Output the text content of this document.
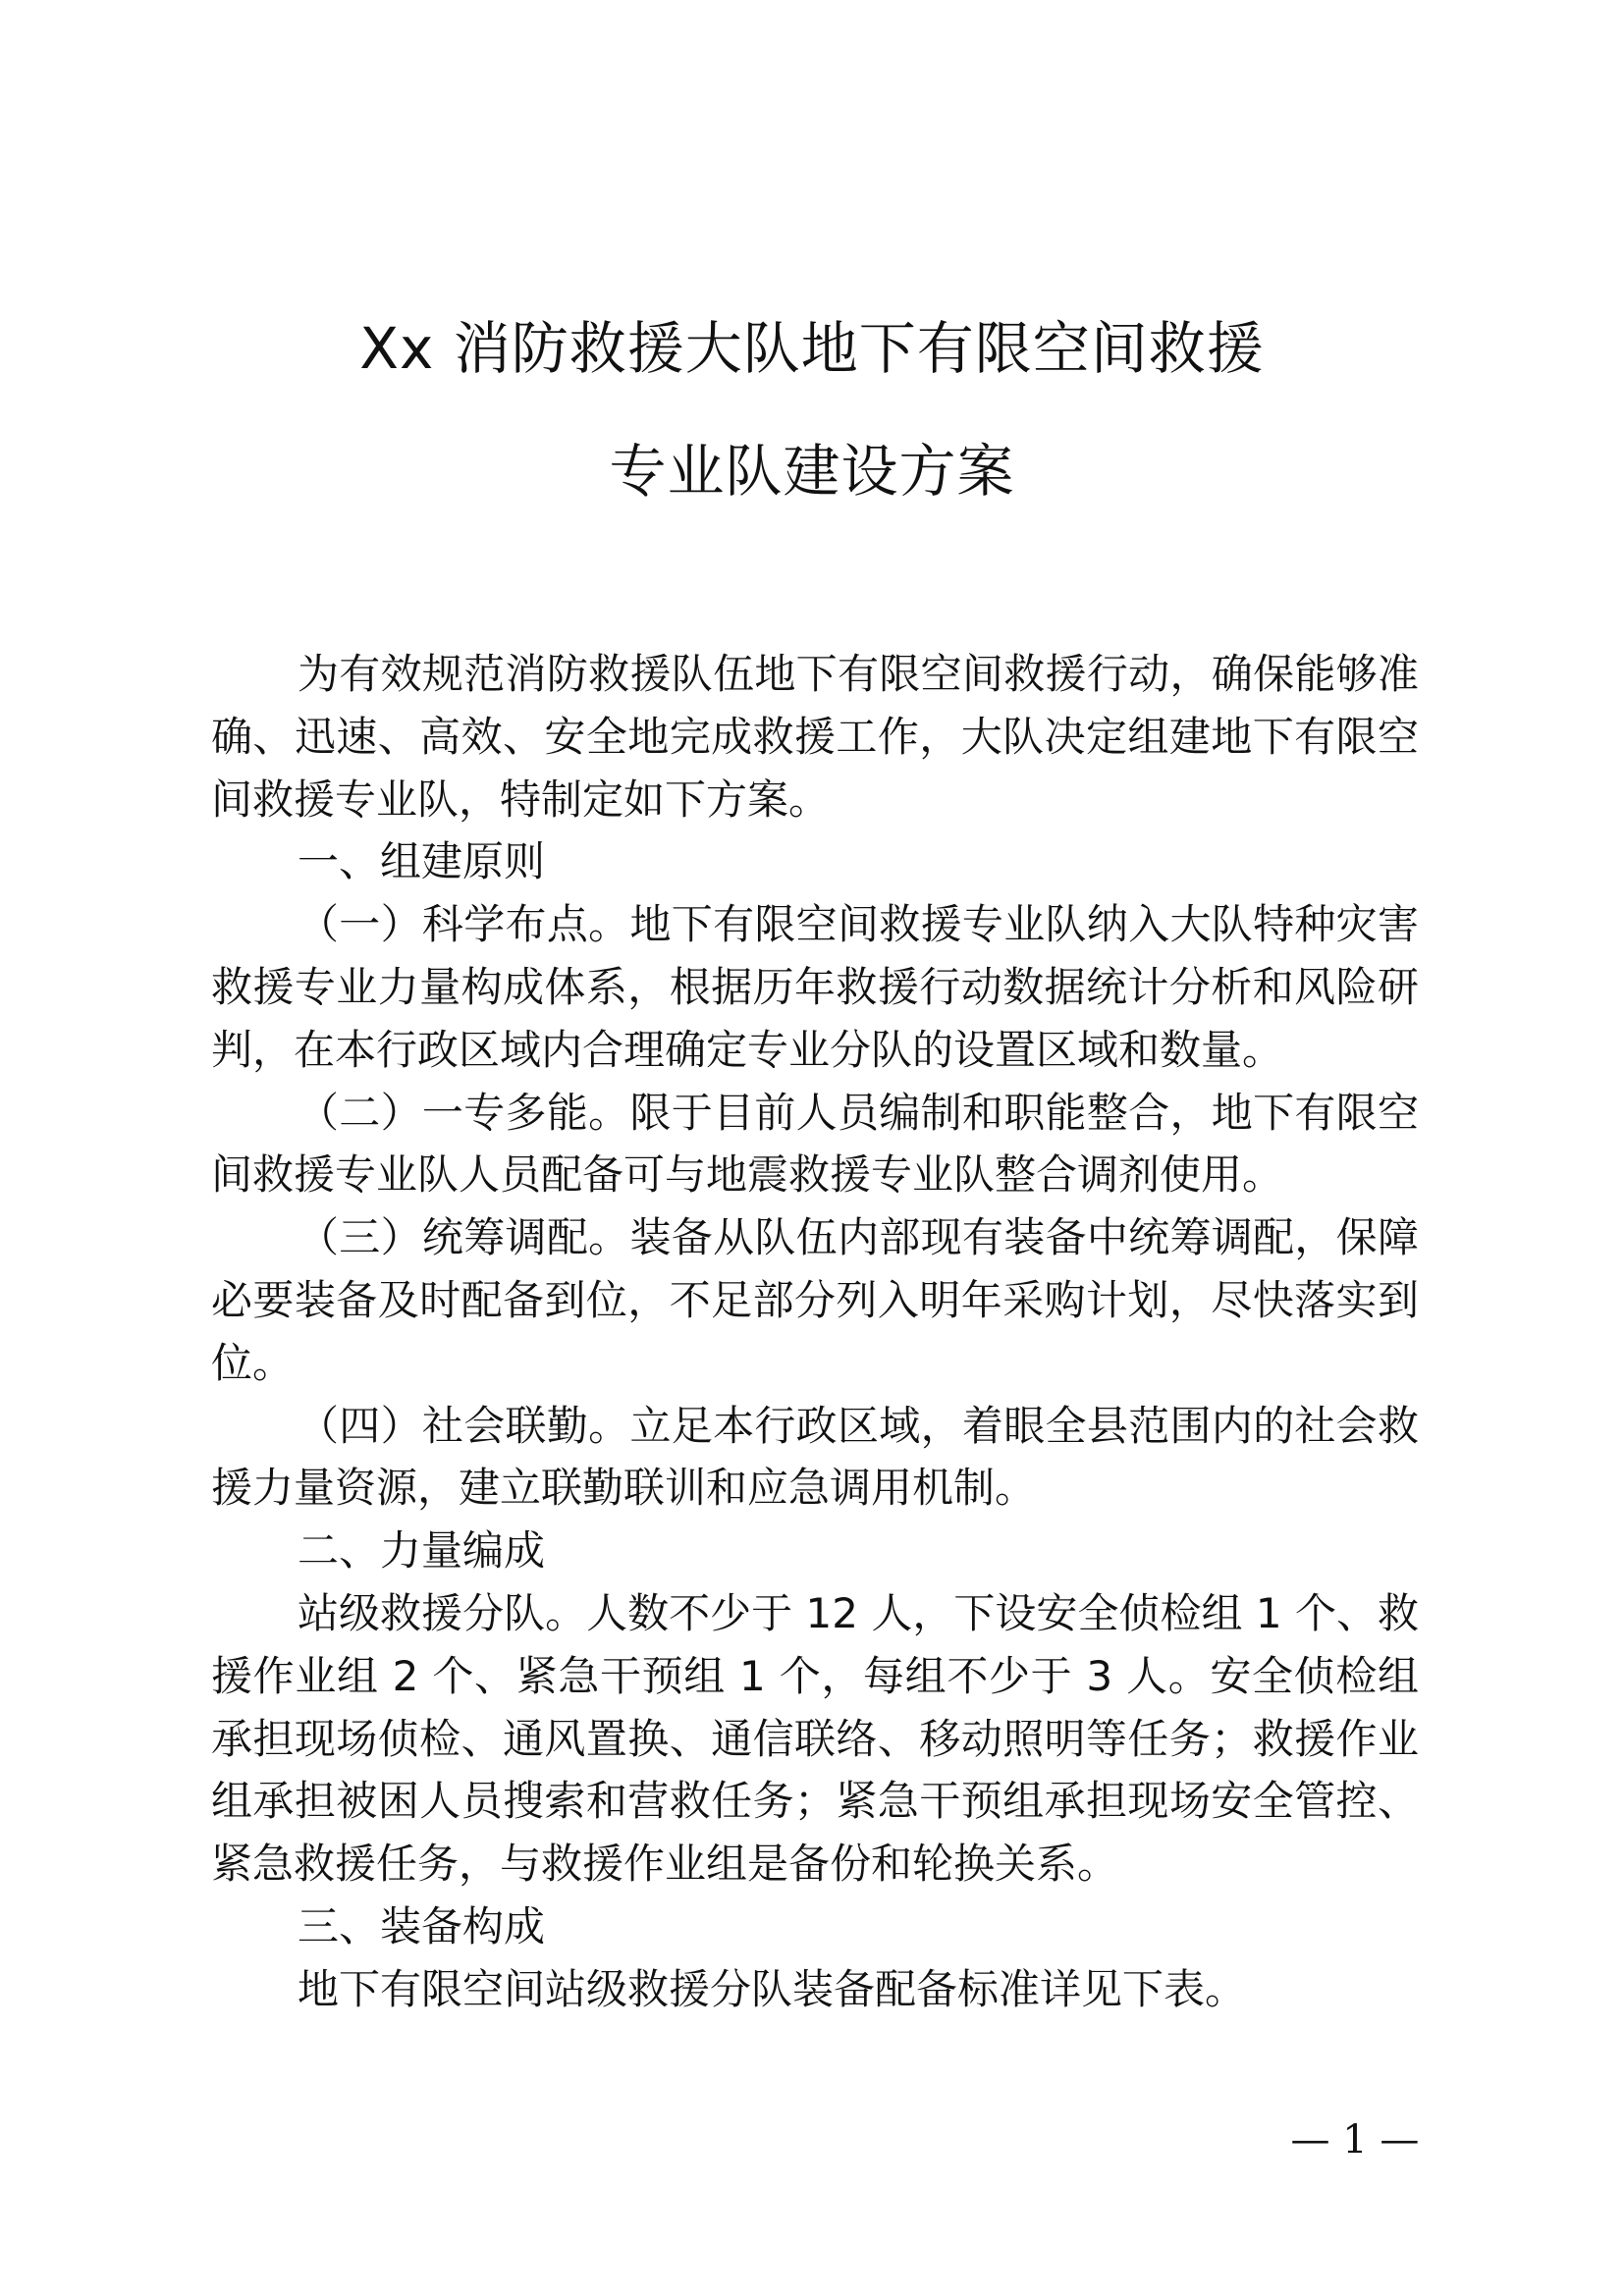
Xx 消防救援大队地下有限空间救援
专业队建设方案

为有效规范消防救援队伍地下有限空间救援行动，确保能够准确、迅速、高效、安全地完成救援工作，大队决定组建地下有限空间救援专业队，特制定如下方案。

一、组建原则

（一）科学布点。地下有限空间救援专业队纳入大队特种灾害救援专业力量构成体系，根据历年救援行动数据统计分析和风险研判，在本行政区域内合理确定专业分队的设置区域和数量。

（二）一专多能。限于目前人员编制和职能整合，地下有限空间救援专业队人员配备可与地震救援专业队整合调剂使用。

（三）统筹调配。装备从队伍内部现有装备中统筹调配，保障必要装备及时配备到位，不足部分列入明年采购计划，尽快落实到位。

（四）社会联勤。立足本行政区域，着眼全县范围内的社会救援力量资源，建立联勤联训和应急调用机制。

二、力量编成

站级救援分队。人数不少于 12 人，下设安全侦检组 1 个、救援作业组 2 个、紧急干预组 1 个，每组不少于 3 人。安全侦检组承担现场侦检、通风置换、通信联络、移动照明等任务；救援作业组承担被困人员搜索和营救任务；紧急干预组承担现场安全管控、紧急救援任务，与救援作业组是备份和轮换关系。

三、装备构成

地下有限空间站级救援分队装备配备标准详见下表。

— 1 —
